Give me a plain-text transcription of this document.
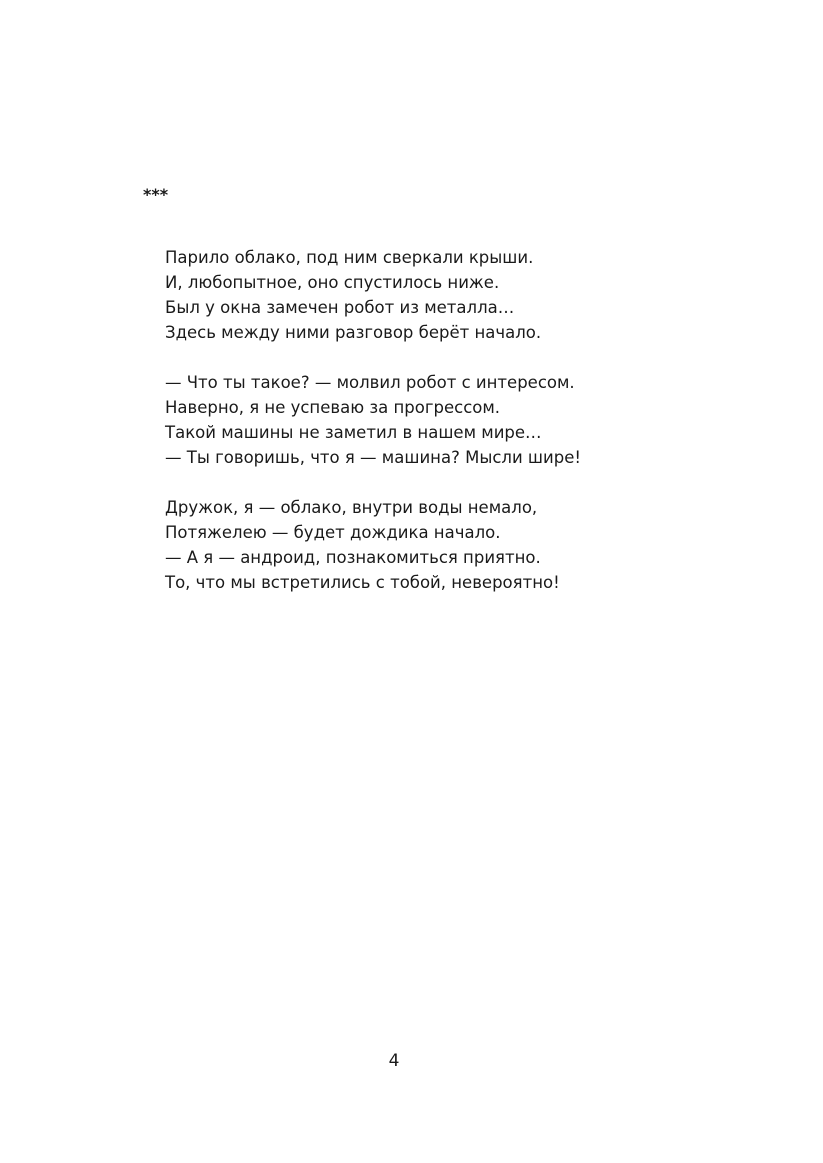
***
Парило облако, под ним сверкали крыши.
И, любопытное, оно спустилось ниже.
Был у окна замечен робот из металла…
Здесь между ними разговор берёт начало.
— Что ты такое? — молвил робот с интересом.
Наверно, я не успеваю за прогрессом.
Такой машины не заметил в нашем мире…
— Ты говоришь, что я — машина? Мысли шире!
Дружок, я — облако, внутри воды немало,
Потяжелею — будет дождика начало.
— А я — андроид, познакомиться приятно.
То, что мы встретились с тобой, невероятно!
4
